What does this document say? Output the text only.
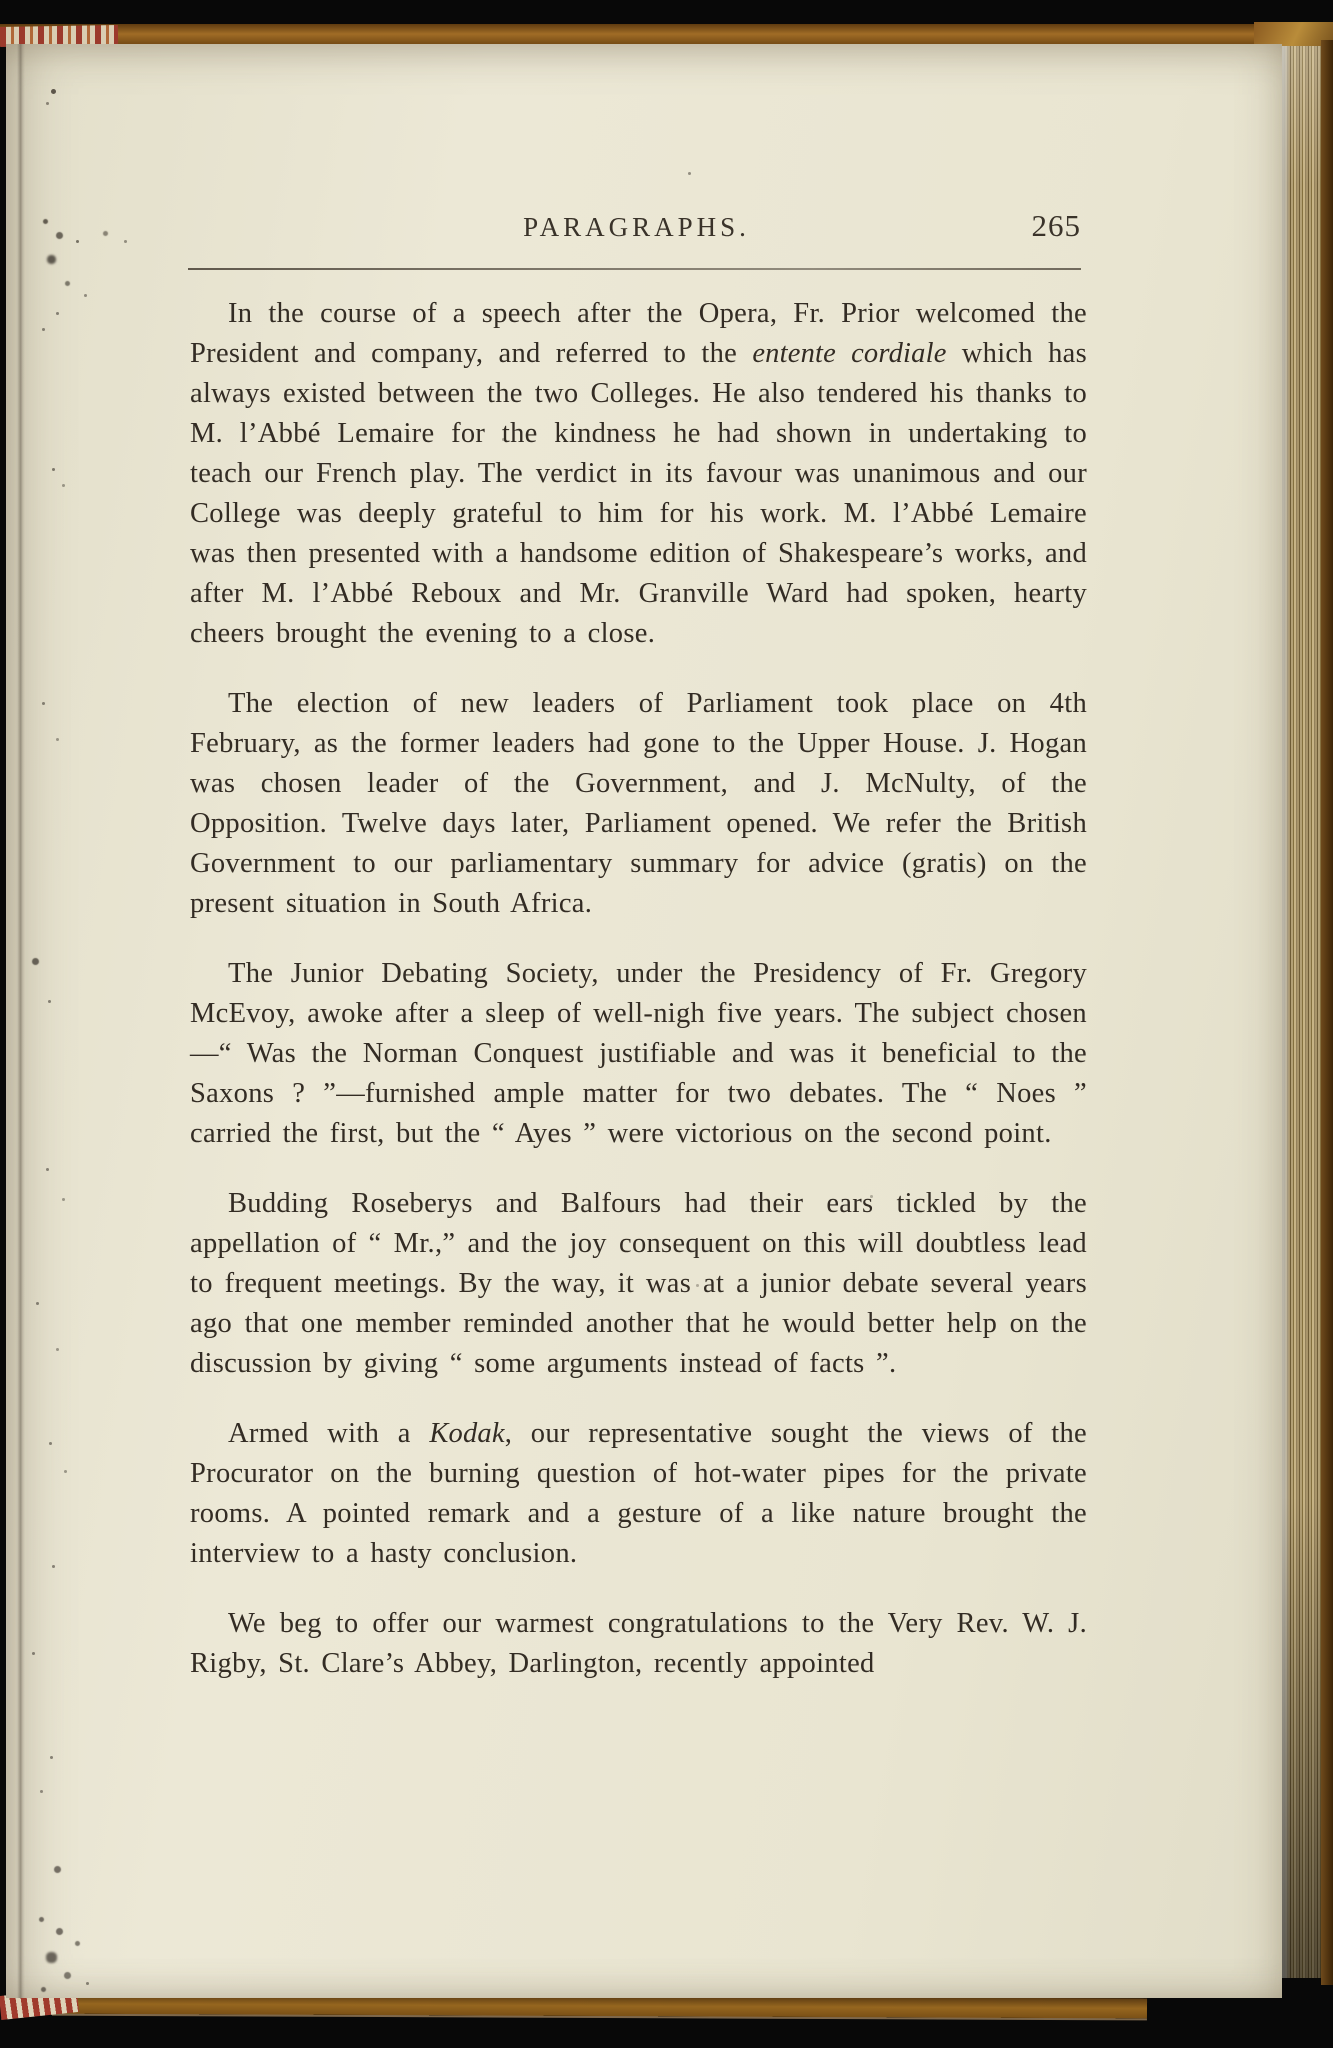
PARAGRAPHS.	265

In the course of a speech after the Opera, Fr. Prior welcomed the President and company, and referred to the entente cordiale which has always existed between the two Colleges. He also tendered his thanks to M. l’Abbé Lemaire for the kindness he had shown in undertaking to teach our French play. The verdict in its favour was unanimous and our College was deeply grateful to him for his work. M. l’Abbé Lemaire was then presented with a handsome edition of Shakespeare’s works, and after M. l’Abbé Reboux and Mr. Granville Ward had spoken, hearty cheers brought the evening to a close.

The election of new leaders of Parliament took place on 4th February, as the former leaders had gone to the Upper House. J. Hogan was chosen leader of the Government, and J. McNulty, of the Opposition. Twelve days later, Parliament opened. We refer the British Government to our parliamentary summary for advice (gratis) on the present situation in South Africa.

The Junior Debating Society, under the Presidency of Fr. Gregory McEvoy, awoke after a sleep of well-nigh five years. The subject chosen—“ Was the Norman Conquest justifiable and was it beneficial to the Saxons ? ”—furnished ample matter for two debates. The “ Noes ” carried the first, but the “ Ayes ” were victorious on the second point.

Budding Roseberys and Balfours had their ears tickled by the appellation of “ Mr.,” and the joy consequent on this will doubtless lead to frequent meetings. By the way, it was at a junior debate several years ago that one member reminded another that he would better help on the discussion by giving “ some arguments instead of facts ”.

Armed with a Kodak, our representative sought the views of the Procurator on the burning question of hot-water pipes for the private rooms. A pointed remark and a gesture of a like nature brought the interview to a hasty conclusion.

We beg to offer our warmest congratulations to the Very Rev. W. J. Rigby, St. Clare’s Abbey, Darlington, recently appointed
